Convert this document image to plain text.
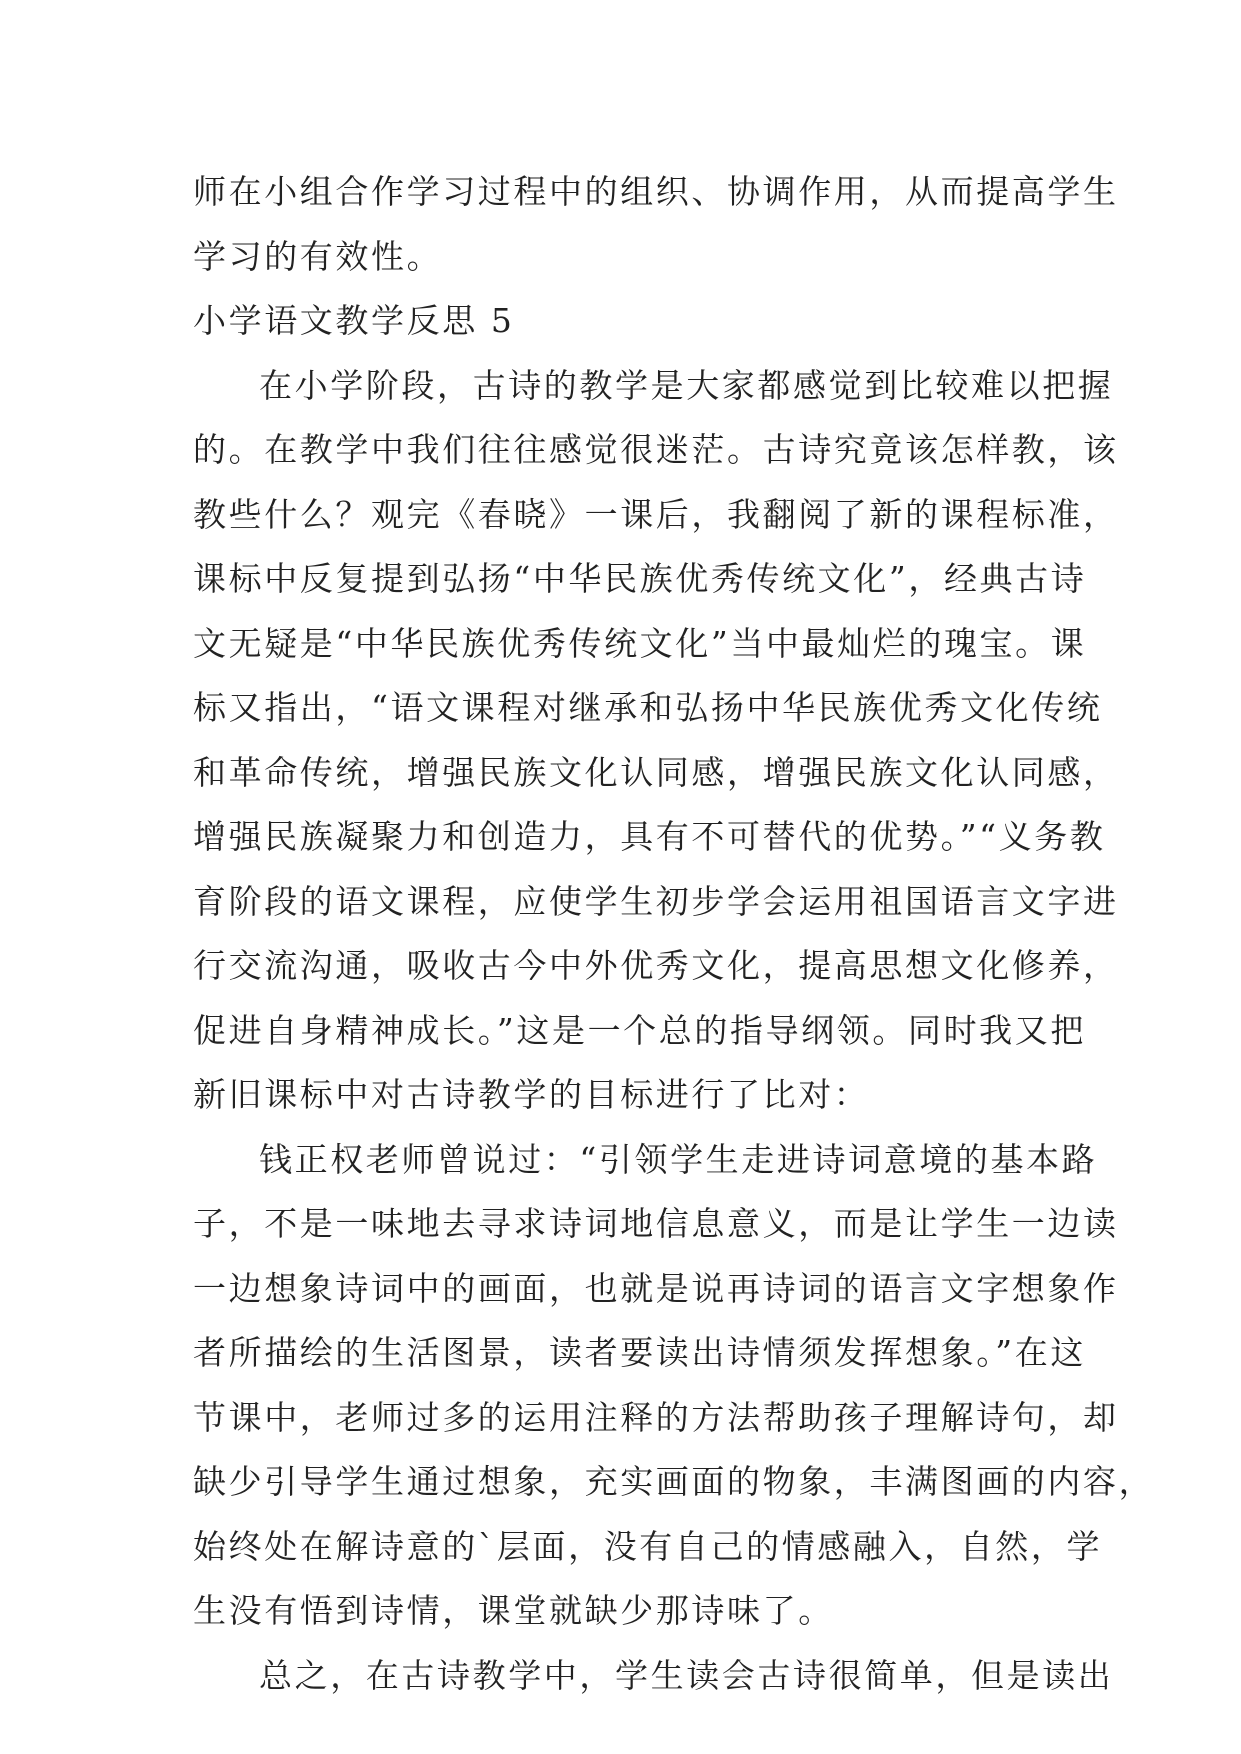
师在小组合作学习过程中的组织、协调作用，从而提高学生
学习的有效性。
小学语文教学反思 5
在小学阶段，古诗的教学是大家都感觉到比较难以把握
的。在教学中我们往往感觉很迷茫。古诗究竟该怎样教，该
教些什么？观完《春晓》一课后，我翻阅了新的课程标准，
课标中反复提到弘扬“中华民族优秀传统文化”，经典古诗
文无疑是“中华民族优秀传统文化”当中最灿烂的瑰宝。课
标又指出，“语文课程对继承和弘扬中华民族优秀文化传统
和革命传统，增强民族文化认同感，增强民族文化认同感，
增强民族凝聚力和创造力，具有不可替代的优势。”“义务教
育阶段的语文课程，应使学生初步学会运用祖国语言文字进
行交流沟通，吸收古今中外优秀文化，提高思想文化修养，
促进自身精神成长。”这是一个总的指导纲领。同时我又把
新旧课标中对古诗教学的目标进行了比对：
钱正权老师曾说过：“引领学生走进诗词意境的基本路
子，不是一味地去寻求诗词地信息意义，而是让学生一边读
一边想象诗词中的画面，也就是说再诗词的语言文字想象作
者所描绘的生活图景，读者要读出诗情须发挥想象。”在这
节课中，老师过多的运用注释的方法帮助孩子理解诗句，却
缺少引导学生通过想象，充实画面的物象，丰满图画的内容，
始终处在解诗意的`层面，没有自己的情感融入，自然，学
生没有悟到诗情，课堂就缺少那诗味了。
总之，在古诗教学中，学生读会古诗很简单，但是读出
